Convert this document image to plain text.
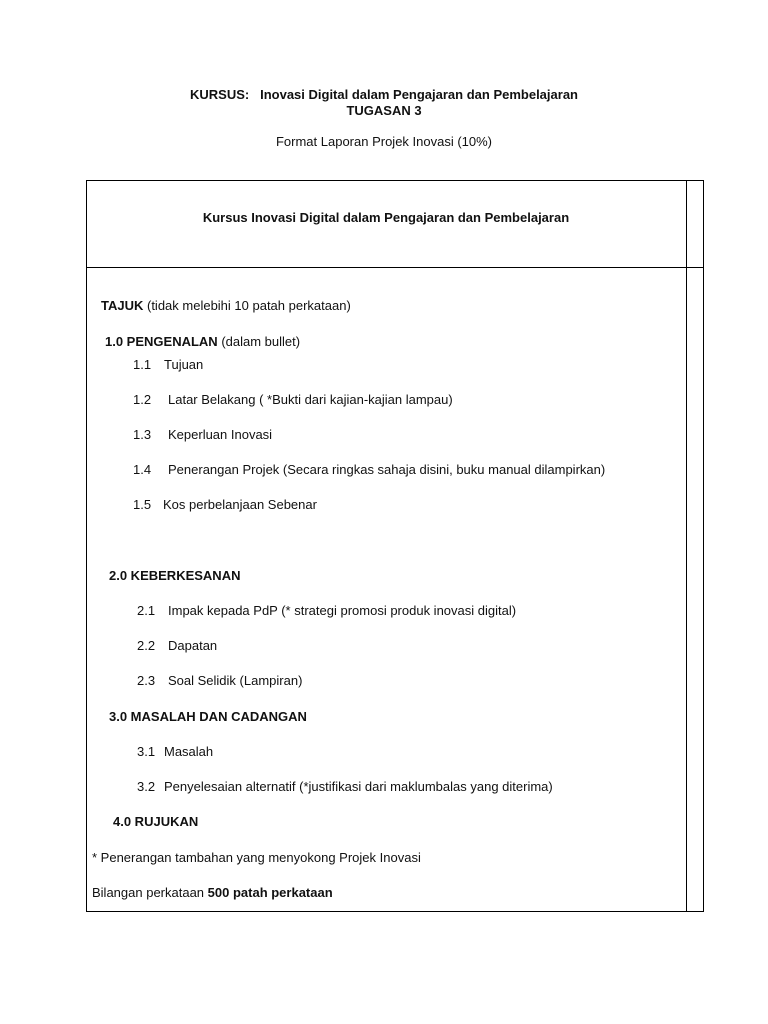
KURSUS: Inovasi Digital dalam Pengajaran dan Pembelajaran
TUGASAN 3
Format Laporan Projek Inovasi (10%)
Kursus Inovasi Digital dalam Pengajaran dan Pembelajaran
TAJUK (tidak melebihi 10 patah perkataan)
1.0 PENGENALAN (dalam bullet)
1.1 Tujuan
1.2 Latar Belakang ( *Bukti dari kajian-kajian lampau)
1.3 Keperluan Inovasi
1.4 Penerangan Projek (Secara ringkas sahaja disini, buku manual dilampirkan)
1.5 Kos perbelanjaan Sebenar
2.0 KEBERKESANAN
2.1 Impak kepada PdP (* strategi promosi produk inovasi digital)
2.2 Dapatan
2.3 Soal Selidik (Lampiran)
3.0 MASALAH DAN CADANGAN
3.1 Masalah
3.2 Penyelesaian alternatif (*justifikasi dari maklumbalas yang diterima)
4.0 RUJUKAN
* Penerangan tambahan yang menyokong Projek Inovasi
Bilangan perkataan 500 patah perkataan
